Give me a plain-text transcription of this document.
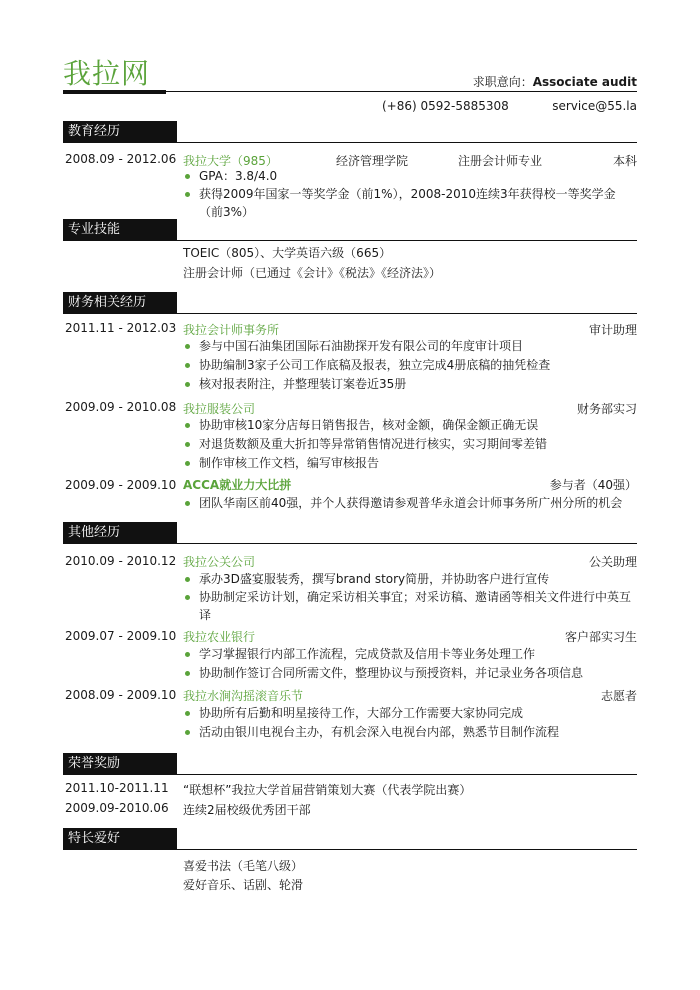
我拉网	求职意向：Associate audit
(+86) 0592-5885308	service@55.la
教育经历
2008.09 - 2012.06 我拉大学（985）	经济管理学院	注册会计师专业	本科
GPA：3.8/4.0
获得2009年国家一等奖学金（前1%），2008-2010连续3年获得校一等奖学金（前3%）
专业技能
TOEIC（805）、大学英语六级（665）
注册会计师（已通过《会计》《税法》《经济法》）
财务相关经历
2011.11 - 2012.03 我拉会计师事务所	审计助理
参与中国石油集团国际石油勘探开发有限公司的年度审计项目
协助编制3家子公司工作底稿及报表，独立完成4册底稿的抽凭检查
核对报表附注，并整理装订案卷近35册
2009.09 - 2010.08 我拉服装公司	财务部实习
协助审核10家分店每日销售报告，核对金额，确保金额正确无误
对退货数额及重大折扣等异常销售情况进行核实，实习期间零差错
制作审核工作文档，编写审核报告
2009.09 - 2009.10 ACCA就业力大比拼	参与者（40强）
团队华南区前40强，并个人获得邀请参观普华永道会计师事务所广州分所的机会
其他经历
2010.09 - 2010.12 我拉公关公司	公关助理
承办3D盛宴服装秀，撰写brand story简册，并协助客户进行宣传
协助制定采访计划，确定采访相关事宜；对采访稿、邀请函等相关文件进行中英互译
2009.07 - 2009.10 我拉农业银行	客户部实习生
学习掌握银行内部工作流程，完成贷款及信用卡等业务处理工作
协助制作签订合同所需文件，整理协议与预授资料，并记录业务各项信息
2008.09 - 2009.10 我拉水涧沟摇滚音乐节	志愿者
协助所有后勤和明星接待工作，大部分工作需要大家协同完成
活动由银川电视台主办，有机会深入电视台内部，熟悉节目制作流程
荣誉奖励
2011.10-2011.11 “联想杯”我拉大学首届营销策划大赛（代表学院出赛）
2009.09-2010.06 连续2届校级优秀团干部
特长爱好
喜爱书法（毛笔八级）
爱好音乐、话剧、轮滑
